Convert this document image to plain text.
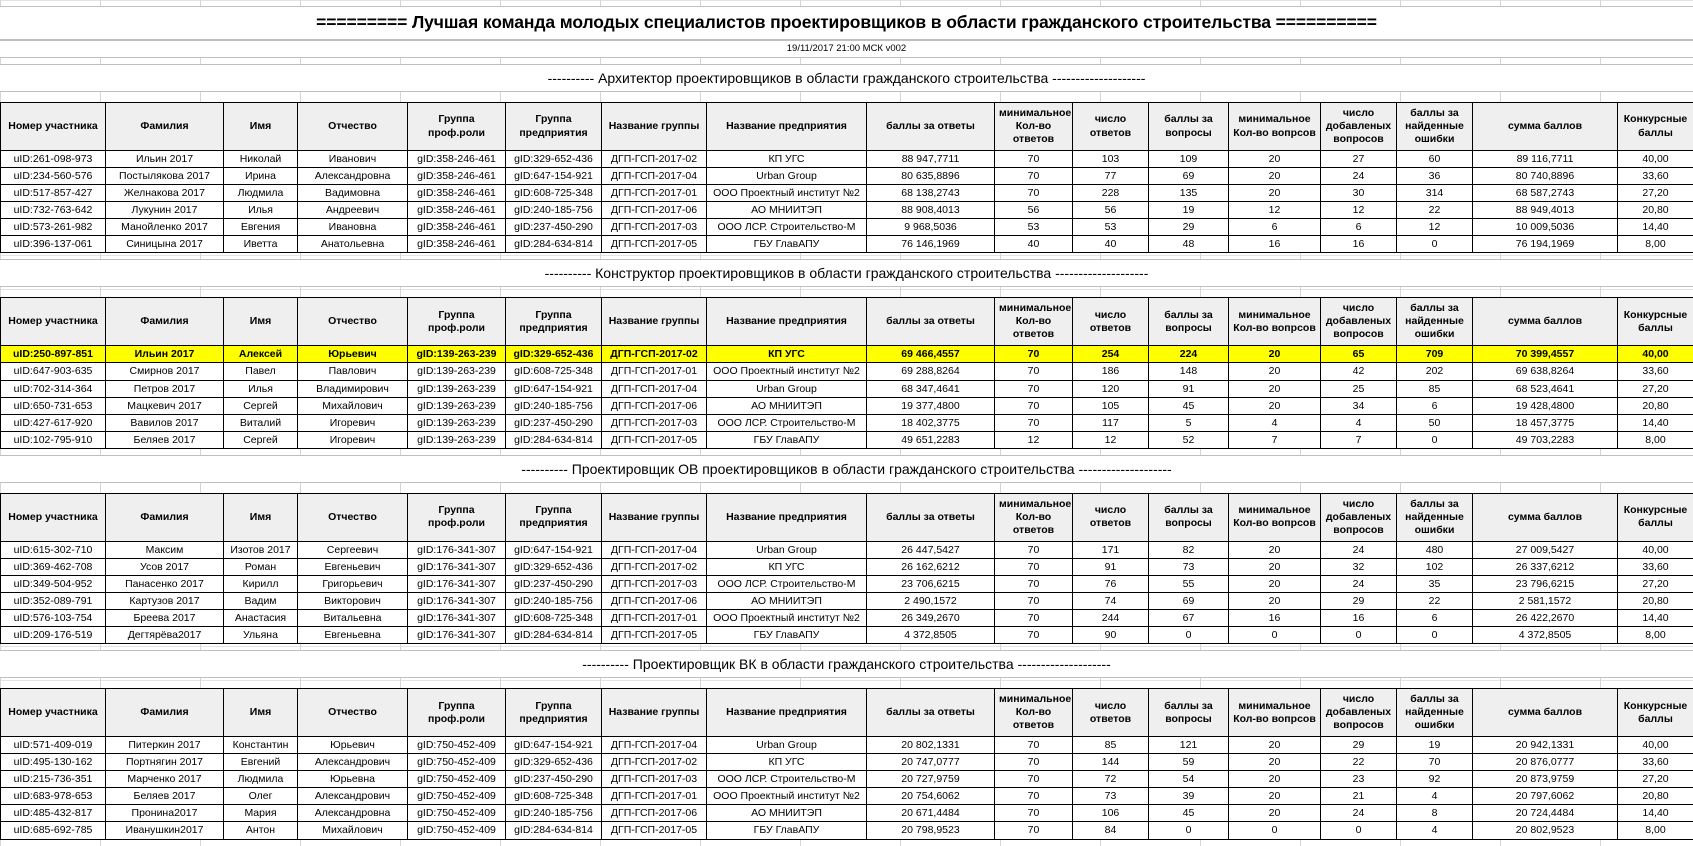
========= Лучшая команда молодых специалистов проектировщиков в области гражданского строительства ==========
19/11/2017 21:00 МСК v002
---------- Архитектор проектировщиков в области гражданского строительства --------------------
Номер участника	Фамилия	Имя	Отчество	Группа проф.роли	Группа предприятия	Название группы	Название предприятия	баллы за ответы	минимальное Кол-во ответов	число ответов	баллы за вопросы	минимальное Кол-во вопрсов	число добавленых вопросов	баллы за найденные ошибки	сумма баллов	Конкурсные баллы
uID:261-098-973	Ильин 2017	Николай	Иванович	gID:358-246-461	gID:329-652-436	ДГП-ГСП-2017-02	КП УГС	88 947,7711	70	103	109	20	27	60	89 116,7711	40,00
uID:234-560-576	Постылякова 2017	Ирина	Александровна	gID:358-246-461	gID:647-154-921	ДГП-ГСП-2017-04	Urban Group	80 635,8896	70	77	69	20	24	36	80 740,8896	33,60
uID:517-857-427	Желнакова 2017	Людмила	Вадимовна	gID:358-246-461	gID:608-725-348	ДГП-ГСП-2017-01	ООО Проектный институт №2	68 138,2743	70	228	135	20	30	314	68 587,2743	27,20
uID:732-763-642	Лукунин 2017	Илья	Андреевич	gID:358-246-461	gID:240-185-756	ДГП-ГСП-2017-06	АО МНИИТЭП	88 908,4013	56	56	19	12	12	22	88 949,4013	20,80
uID:573-261-982	Манойленко 2017	Евгения	Ивановна	gID:358-246-461	gID:237-450-290	ДГП-ГСП-2017-03	ООО ЛСР. Строительство-М	9 968,5036	53	53	29	6	6	12	10 009,5036	14,40
uID:396-137-061	Синицына 2017	Иветта	Анатольевна	gID:358-246-461	gID:284-634-814	ДГП-ГСП-2017-05	ГБУ ГлавАПУ	76 146,1969	40	40	48	16	16	0	76 194,1969	8,00
---------- Конструктор проектировщиков в области гражданского строительства --------------------
Номер участника	Фамилия	Имя	Отчество	Группа проф.роли	Группа предприятия	Название группы	Название предприятия	баллы за ответы	минимальное Кол-во ответов	число ответов	баллы за вопросы	минимальное Кол-во вопрсов	число добавленых вопросов	баллы за найденные ошибки	сумма баллов	Конкурсные баллы
uID:250-897-851	Ильин 2017	Алексей	Юрьевич	gID:139-263-239	gID:329-652-436	ДГП-ГСП-2017-02	КП УГС	69 466,4557	70	254	224	20	65	709	70 399,4557	40,00
uID:647-903-635	Смирнов 2017	Павел	Павлович	gID:139-263-239	gID:608-725-348	ДГП-ГСП-2017-01	ООО Проектный институт №2	69 288,8264	70	186	148	20	42	202	69 638,8264	33,60
uID:702-314-364	Петров 2017	Илья	Владимирович	gID:139-263-239	gID:647-154-921	ДГП-ГСП-2017-04	Urban Group	68 347,4641	70	120	91	20	25	85	68 523,4641	27,20
uID:650-731-653	Мацкевич 2017	Сергей	Михайлович	gID:139-263-239	gID:240-185-756	ДГП-ГСП-2017-06	АО МНИИТЭП	19 377,4800	70	105	45	20	34	6	19 428,4800	20,80
uID:427-617-920	Вавилов 2017	Виталий	Игоревич	gID:139-263-239	gID:237-450-290	ДГП-ГСП-2017-03	ООО ЛСР. Строительство-М	18 402,3775	70	117	5	4	4	50	18 457,3775	14,40
uID:102-795-910	Беляев 2017	Сергей	Игоревич	gID:139-263-239	gID:284-634-814	ДГП-ГСП-2017-05	ГБУ ГлавАПУ	49 651,2283	12	12	52	7	7	0	49 703,2283	8,00
---------- Проектировщик ОВ проектировщиков в области гражданского строительства --------------------
Номер участника	Фамилия	Имя	Отчество	Группа проф.роли	Группа предприятия	Название группы	Название предприятия	баллы за ответы	минимальное Кол-во ответов	число ответов	баллы за вопросы	минимальное Кол-во вопрсов	число добавленых вопросов	баллы за найденные ошибки	сумма баллов	Конкурсные баллы
uID:615-302-710	Максим	Изотов 2017	Сергеевич	gID:176-341-307	gID:647-154-921	ДГП-ГСП-2017-04	Urban Group	26 447,5427	70	171	82	20	24	480	27 009,5427	40,00
uID:369-462-708	Усов 2017	Роман	Евгеньевич	gID:176-341-307	gID:329-652-436	ДГП-ГСП-2017-02	КП УГС	26 162,6212	70	91	73	20	32	102	26 337,6212	33,60
uID:349-504-952	Панасенко 2017	Кирилл	Григорьевич	gID:176-341-307	gID:237-450-290	ДГП-ГСП-2017-03	ООО ЛСР. Строительство-М	23 706,6215	70	76	55	20	24	35	23 796,6215	27,20
uID:352-089-791	Картузов 2017	Вадим	Викторович	gID:176-341-307	gID:240-185-756	ДГП-ГСП-2017-06	АО МНИИТЭП	2 490,1572	70	74	69	20	29	22	2 581,1572	20,80
uID:576-103-754	Бреева 2017	Анастасия	Витальевна	gID:176-341-307	gID:608-725-348	ДГП-ГСП-2017-01	ООО Проектный институт №2	26 349,2670	70	244	67	16	16	6	26 422,2670	14,40
uID:209-176-519	Дегтярёва2017	Ульяна	Евгеньевна	gID:176-341-307	gID:284-634-814	ДГП-ГСП-2017-05	ГБУ ГлавАПУ	4 372,8505	70	90	0	0	0	0	4 372,8505	8,00
---------- Проектировщик ВК в области гражданского строительства --------------------
Номер участника	Фамилия	Имя	Отчество	Группа проф.роли	Группа предприятия	Название группы	Название предприятия	баллы за ответы	минимальное Кол-во ответов	число ответов	баллы за вопросы	минимальное Кол-во вопрсов	число добавленых вопросов	баллы за найденные ошибки	сумма баллов	Конкурсные баллы
uID:571-409-019	Питеркин 2017	Константин	Юрьевич	gID:750-452-409	gID:647-154-921	ДГП-ГСП-2017-04	Urban Group	20 802,1331	70	85	121	20	29	19	20 942,1331	40,00
uID:495-130-162	Портнягин 2017	Евгений	Александрович	gID:750-452-409	gID:329-652-436	ДГП-ГСП-2017-02	КП УГС	20 747,0777	70	144	59	20	22	70	20 876,0777	33,60
uID:215-736-351	Марченко 2017	Людмила	Юрьевна	gID:750-452-409	gID:237-450-290	ДГП-ГСП-2017-03	ООО ЛСР. Строительство-М	20 727,9759	70	72	54	20	23	92	20 873,9759	27,20
uID:683-978-653	Беляев 2017	Олег	Александрович	gID:750-452-409	gID:608-725-348	ДГП-ГСП-2017-01	ООО Проектный институт №2	20 754,6062	70	73	39	20	21	4	20 797,6062	20,80
uID:485-432-817	Пронина2017	Мария	Александровна	gID:750-452-409	gID:240-185-756	ДГП-ГСП-2017-06	АО МНИИТЭП	20 671,4484	70	106	45	20	24	8	20 724,4484	14,40
uID:685-692-785	Иванушкин2017	Антон	Михайлович	gID:750-452-409	gID:284-634-814	ДГП-ГСП-2017-05	ГБУ ГлавАПУ	20 798,9523	70	84	0	0	0	4	20 802,9523	8,00
